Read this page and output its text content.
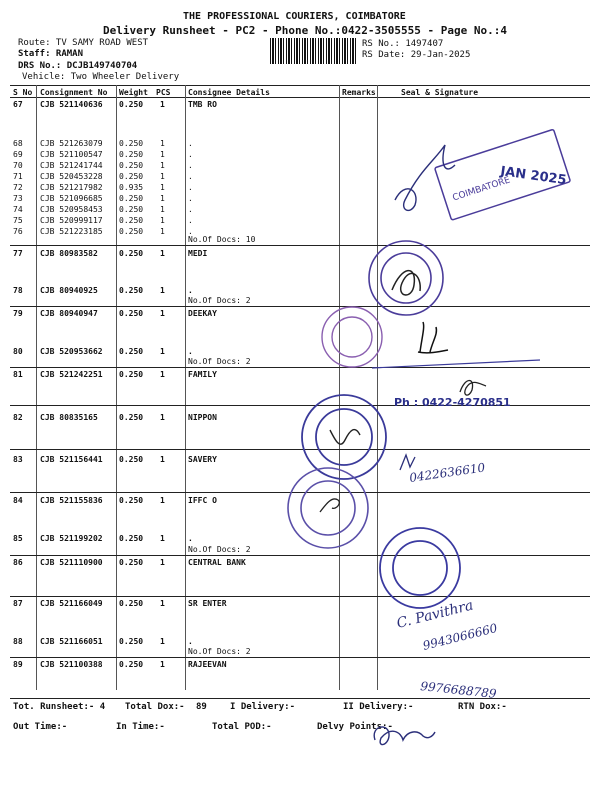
THE PROFESSIONAL COURIERS, COIMBATORE
Delivery Runsheet - PC2 - Phone No.:0422-3505555 - Page No.:4
Route: TV SAMY ROAD WEST
Staff: RAMAN
DRS No.: DCJB149740704
Vehicle: Two Wheeler Delivery
RS No.: 1497407
RS Date: 29-Jan-2025
S No Consignment No Weight PCS Consignee Details	Remarks	Seal & Signature
67 CJB 521140636 0.250 1	TMB RO
68 CJB 521263079 0.250 1	.
69 CJB 521100547 0.250 1	.
70 CJB 521241744 0.250 1	.
71 CJB 520453228 0.250 1	.
72 CJB 521217982 0.935 1	.
73 CJB 521096685 0.250 1	.
74 CJB 520958453 0.250 1	.
75 CJB 520999117 0.250 1	.
76 CJB 521223185 0.250 1	.
77 CJB 80983582	0.250 1	MEDI
78 CJB 80940925	0.250 1	.
79 CJB 80940947	0.250 1	DEEKAY
80 CJB 520953662 0.250 1	.
81 CJB 521242251 0.250 1	FAMILY
82 CJB 80835165	0.250 1	NIPPON
83 CJB 521156441 0.250 1	SAVERY
84 CJB 521155836 0.250 1	IFFC O
85 CJB 521199202 0.250 1	.
86 CJB 521110900 0.250 1	CENTRAL BANK
87 CJB 521166049 0.250 1	SR ENTER
88 CJB 521166051 0.250 1	.
89 CJB 521100388 0.250 1	RAJEEVAN
No.Of Docs: 10
No.Of Docs: 2
No.Of Docs: 2
No.Of Docs: 2
No.Of Docs: 2
Tot. Runsheet:- 4 Total Dox:- 89	I Delivery:-	II Delivery:-	RTN Dox:-
Out Time:-	In Time:-	Total POD:-	Delvy Points:-
COIMBATORE
JAN 2025
Ph : 0422-4270851
0422636610
C. Pavithra
9943066660
9976688789
